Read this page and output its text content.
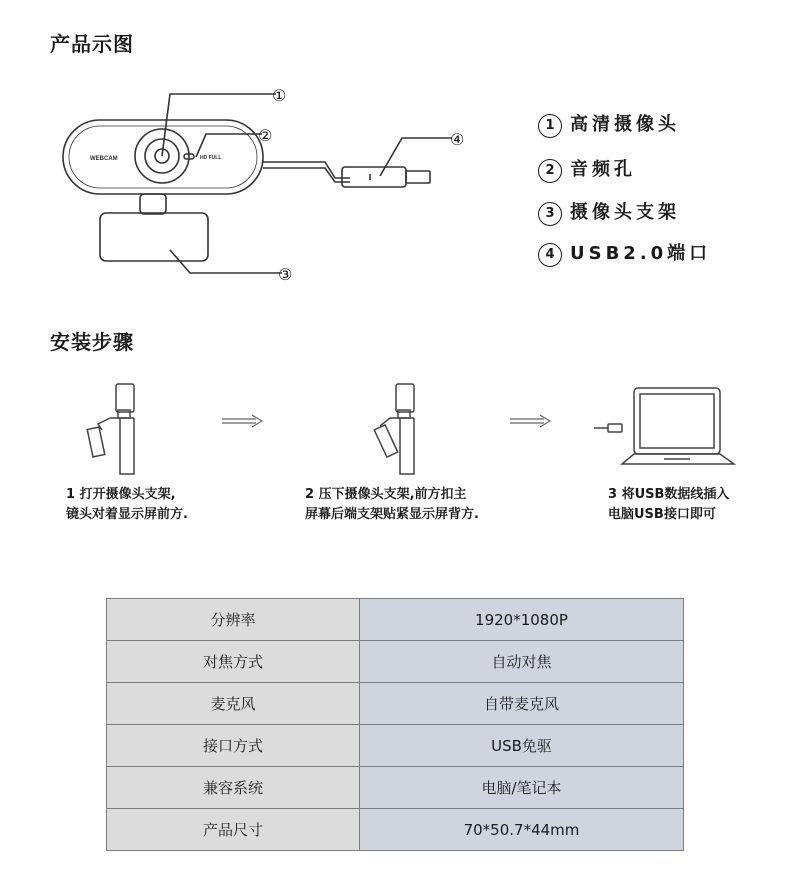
产品示图
WEBCAM	HD FULL
①
②	④
③
1 高清摄像头
2 音频孔
3 摄像头支架
4 USB2.0端口
安装步骤
1 打开摄像头支架,
镜头对着显示屏前方.
2 压下摄像头支架,前方扣主
屏幕后端支架贴紧显示屏背方.
3 将USB数据线插入
电脑USB接口即可
分辨率	1920*1080P
对焦方式	自动对焦
麦克风	自带麦克风
接口方式	USB免驱
兼容系统	电脑/笔记本
产品尺寸	70*50.7*44mm
